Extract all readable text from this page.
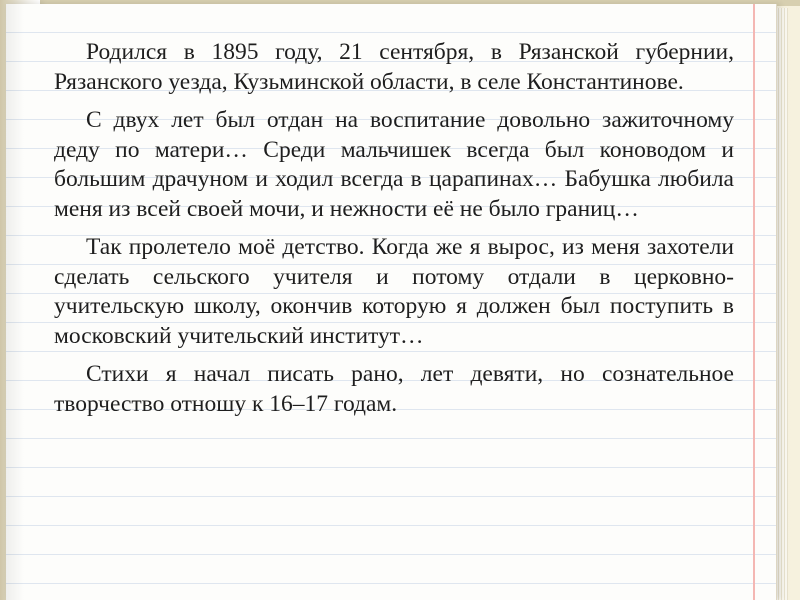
Родился в 1895 году, 21 сентября, в Рязанской губернии, Рязанского уезда, Кузьминской области, в селе Константинове.

С двух лет был отдан на воспитание довольно зажиточному деду по матери… Среди мальчишек всегда был коноводом и большим драчуном и ходил всегда в царапинах… Бабушка любила меня из всей своей мочи, и нежности её не было границ…

Так пролетело моё детство. Когда же я вырос, из меня захотели сделать сельского учителя и потому отдали в церковно-учительскую школу, окончив которую я должен был поступить в московский учительский институт…

Стихи я начал писать рано, лет девяти, но сознательное творчество отношу к 16–17 годам.
